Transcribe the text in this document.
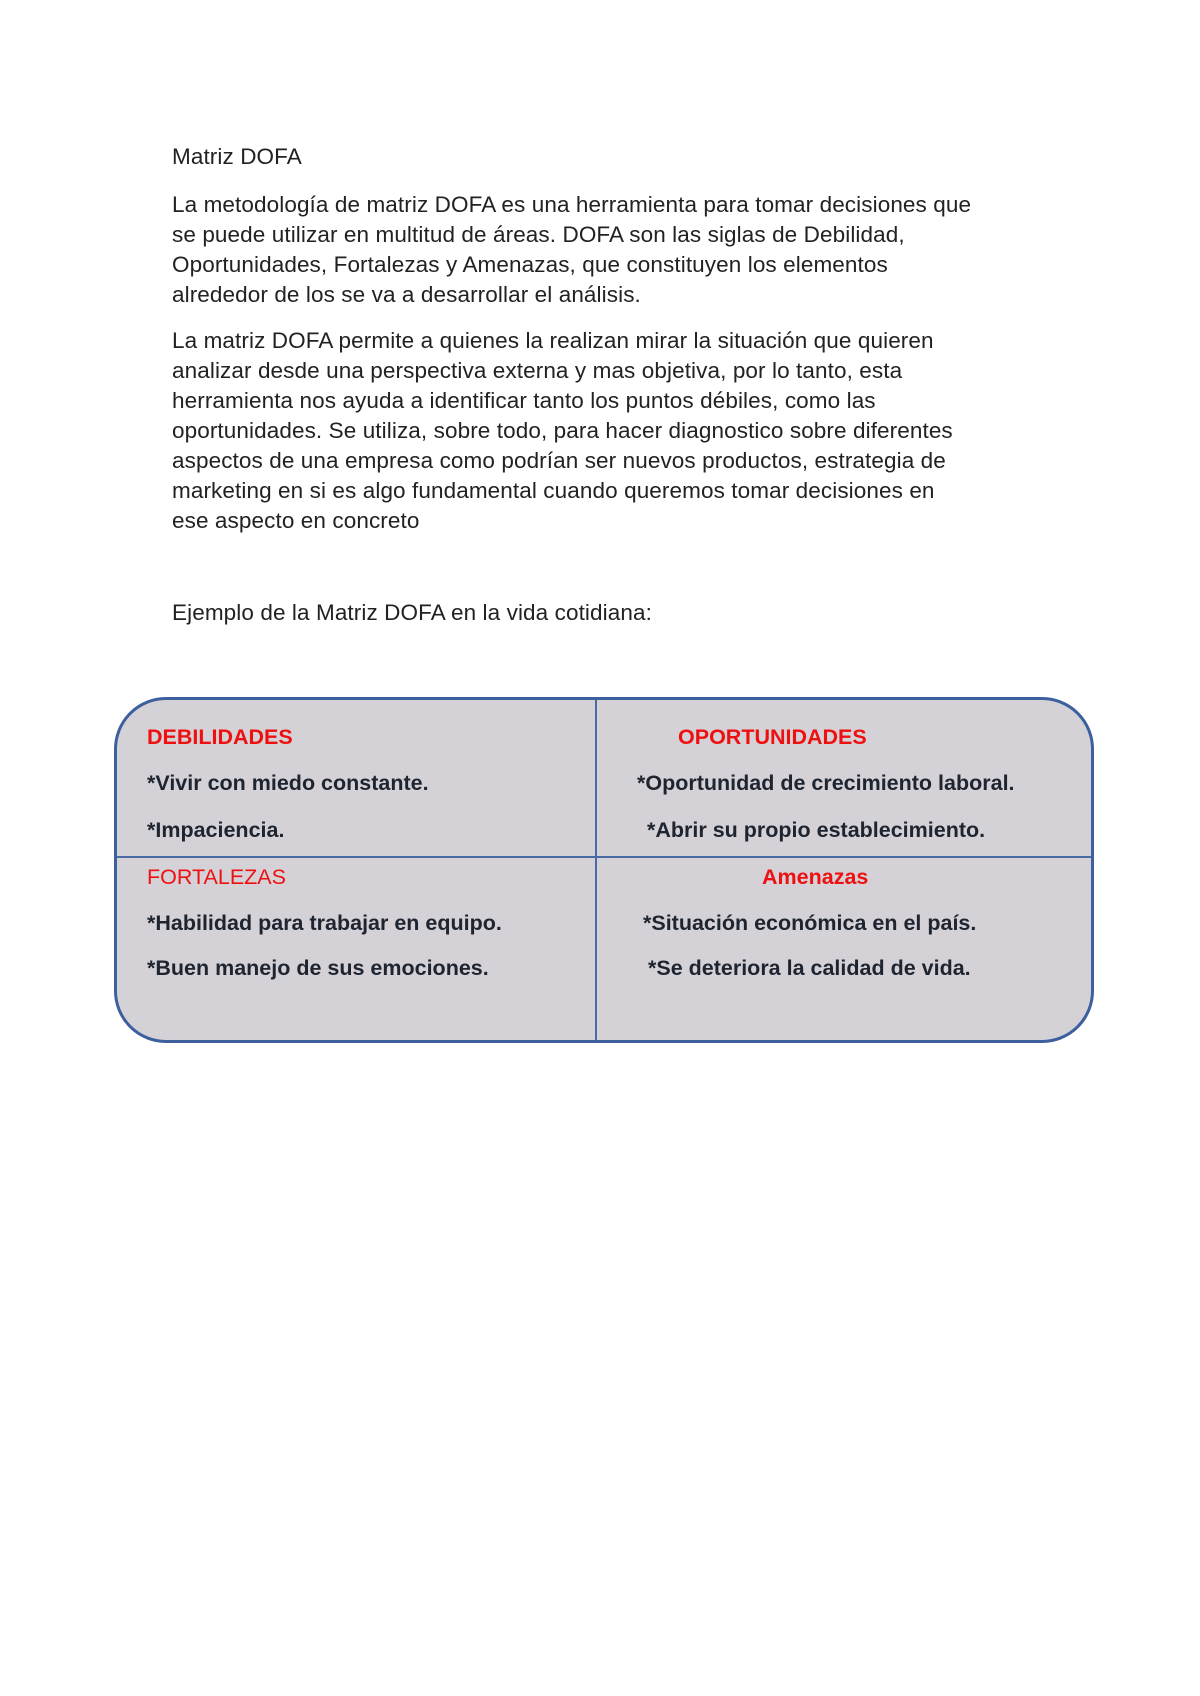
Matriz DOFA
La metodología de matriz DOFA es una herramienta para tomar decisiones que
se puede utilizar en multitud de áreas. DOFA son las siglas de Debilidad,
Oportunidades, Fortalezas y Amenazas, que constituyen los elementos
alrededor de los se va a desarrollar el análisis.
La matriz DOFA permite a quienes la realizan mirar la situación que quieren
analizar desde una perspectiva externa y mas objetiva, por lo tanto, esta
herramienta nos ayuda a identificar tanto los puntos débiles, como las
oportunidades. Se utiliza, sobre todo, para hacer diagnostico sobre diferentes
aspectos de una empresa como podrían ser nuevos productos, estrategia de
marketing en si es algo fundamental cuando queremos tomar decisiones en
ese aspecto en concreto
Ejemplo de la Matriz DOFA en la vida cotidiana:
DEBILIDADES
*Vivir con miedo constante.
*Impaciencia.
OPORTUNIDADES
*Oportunidad de crecimiento laboral.
*Abrir su propio establecimiento.
FORTALEZAS
*Habilidad para trabajar en equipo.
*Buen manejo de sus emociones.
Amenazas
*Situación económica en el país.
*Se deteriora la calidad de vida.
